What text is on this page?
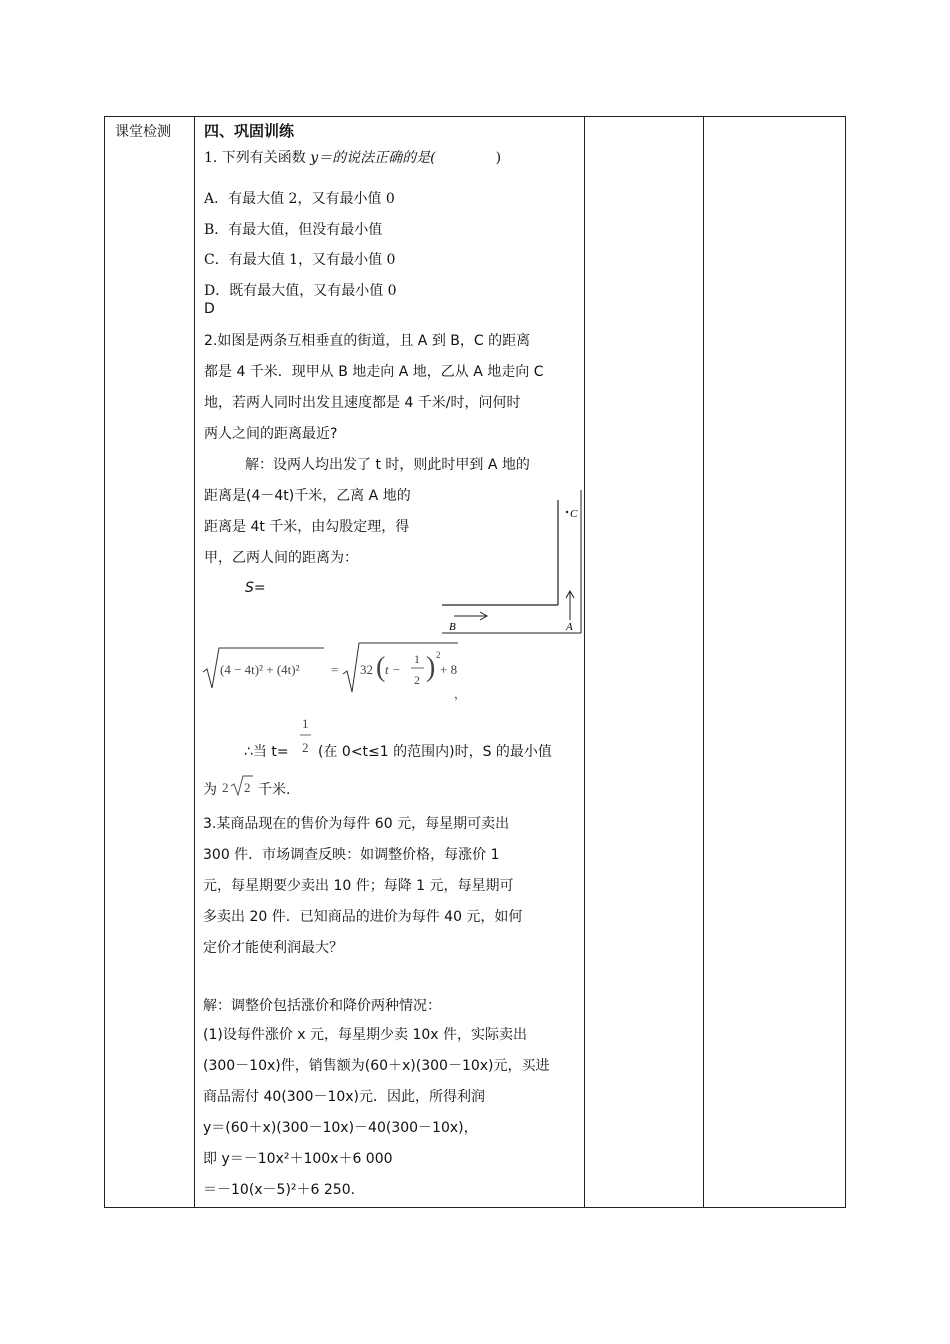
课堂检测 四、巩固训练
1. 下列有关函数 y＝的说法正确的是(	)
A．有最大值 2，又有最小值 0
B．有最大值，但没有最小值
C．有最大值 1，又有最小值 0
D．既有最大值，又有最小值 0
D
2.如图是两条互相垂直的街道，且 A 到 B，C 的距离
都是 4 千米．现甲从 B 地走向 A 地，乙从 A 地走向 C
地，若两人同时出发且速度都是 4 千米/时，问何时
两人之间的距离最近?
解：设两人均出发了 t 时，则此时甲到 A 地的
距离是(4－4t)千米，乙离 A 地的
距离是 4t 千米，由勾股定理，得
甲，乙两人间的距离为：
S=
C
B	A
(4 − 4t)² + (4t)² = 32 ( t −
1
2 ) 2
+ 8
，
∴当 t=
1
2 (在 0<t≤1 的范围内)时，S 的最小值
为 2 2 千米.
3.某商品现在的售价为每件 60 元，每星期可卖出
300 件．市场调查反映：如调整价格，每涨价 1
元，每星期要少卖出 10 件；每降 1 元，每星期可
多卖出 20 件．已知商品的进价为每件 40 元，如何
定价才能使利润最大？
解：调整价包括涨价和降价两种情况：
(1)设每件涨价 x 元，每星期少卖 10x 件，实际卖出
(300－10x)件，销售额为(60＋x)(300－10x)元，买进
商品需付 40(300－10x)元．因此，所得利润
y＝(60＋x)(300－10x)－40(300－10x)，
即 y＝－10x²＋100x＋6 000
＝－10(x－5)²＋6 250.
